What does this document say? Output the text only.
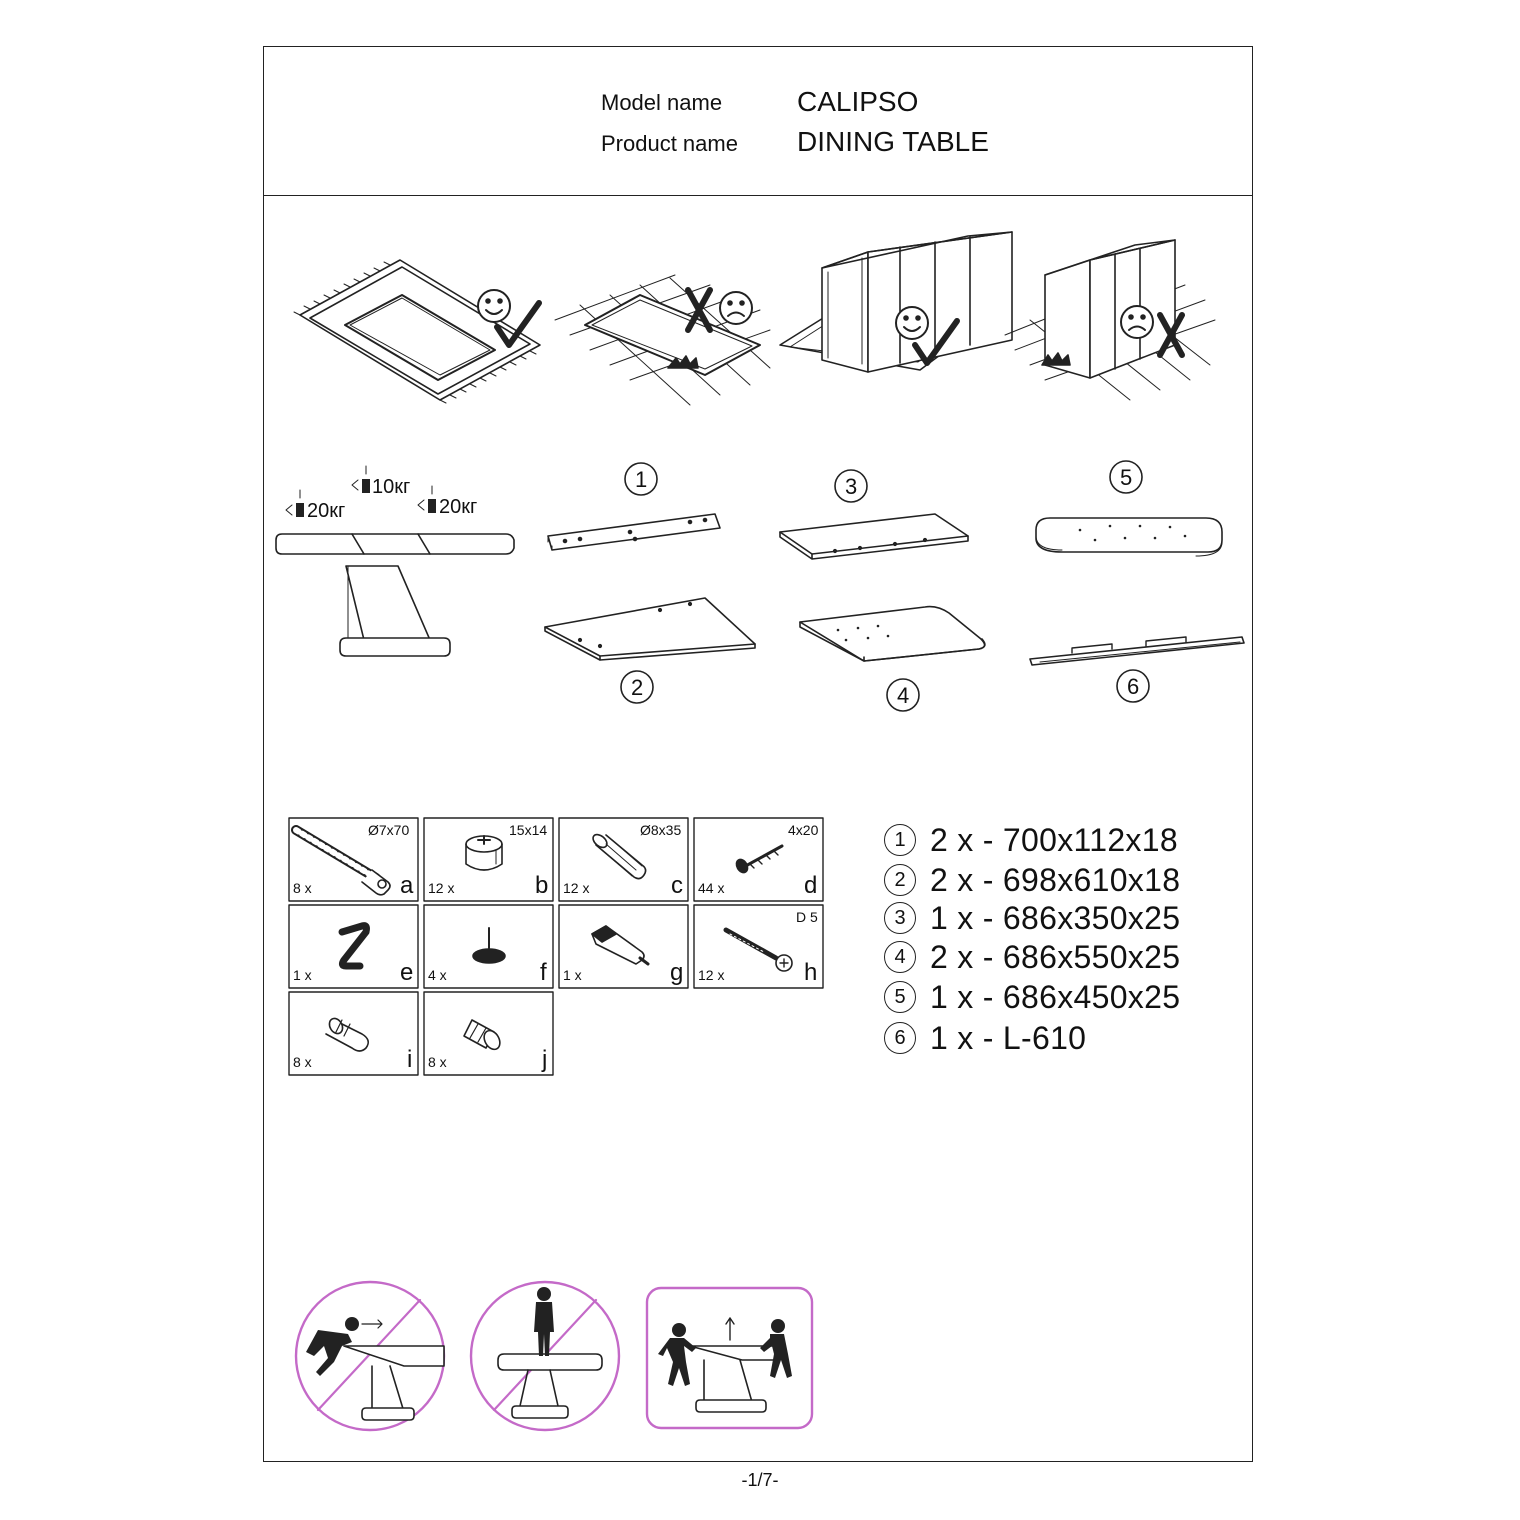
Model name	CALIPSO
Product name DINING TABLE
10кг
20кг	20кг
1
2
3
4
5
6
Ø7x70
8 x	a
15x14
12 x	b
Ø8x35
12 x	c
4x20
44 x	d
1 x	e 4 x	f 1 x	g
D 5
12 x	h
8 x	i 8 x	j
1 2 x - 700x112x18
2 2 x - 698x610x18
3 1 x - 686x350x25
4 2 x - 686x550x25
5 1 x - 686x450x25
6 1 x - L-610
-1/7-
